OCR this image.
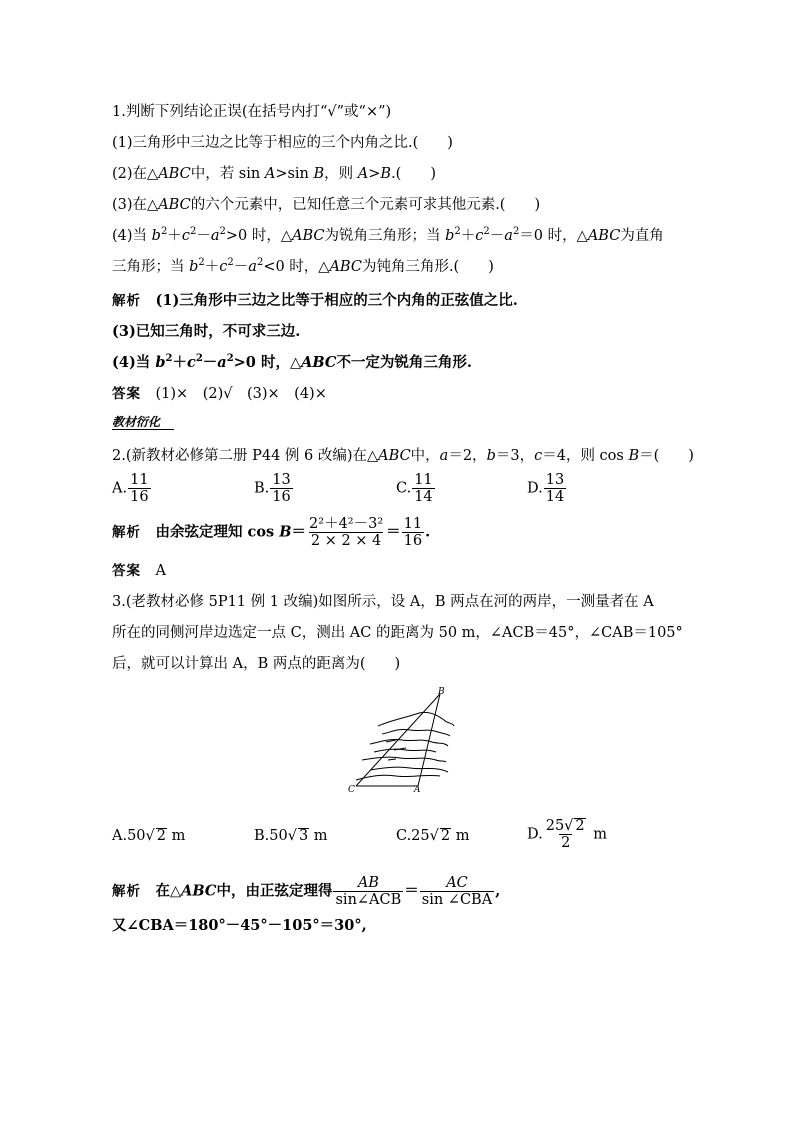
1.判断下列结论正误(在括号内打“√”或“×”)
(1)三角形中三边之比等于相应的三个内角之比.(　　)
(2)在△ABC中，若 sin A>sin B，则 A>B.(　　)
(3)在△ABC的六个元素中，已知任意三个元素可求其他元素.(　　)
(4)当 $b^2+c^2-a^2>0$ 时，△ABC为锐角三角形；当 $b^2+c^2-a^2=0$ 时，△ABC为直角
三角形；当 $b^2+c^2-a^2<0$ 时，△ABC为钝角三角形.(　　)
解析　 (1)三角形中三边之比等于相应的三个内角的正弦值之比.
(3)已知三角时，不可求三边.
(4)当 $b^2+c^2-a^2>0$ 时，△ABC不一定为锐角三角形.
答案　 (1)×　(2)√　(3)×　(4)×
教材衍化
2.(新教材必修第二册 P44 例 6 改编)在△ABC中，a＝2，b＝3，c＝4，则 cos B＝(　　)
A. $\frac{11}{16}$	B. $\frac{13}{16}$	C. $\frac{11}{14}$	D. $\frac{13}{14}$
解析　 由余弦定理知 $\cos B= \frac{\text{2²＋4²－3²}}{2 \times 2 \times 4} = \frac{11}{16}$ .
答案　 A
3.(老教材必修 5P11 例 1 改编)如图所示，设 A，B 两点在河的两岸，一测量者在 A
所在的同侧河岸边选定一点 C，测出 AC 的距离为 50 m，∠ACB＝45°，∠CAB＝105°
后，就可以计算出 A，B 两点的距离为(　　)
B
C	A
A.50√ 2 m	B.50√ 3 m	C.25√ 2 m	D. $\frac{25√ 2}{2}$ m
解析　 在△ABC中，由正弦定理得 $\frac{AB}{\text{sin∠ACB}} = \frac{AC}{\text{sin ∠CBA}}$ ,
又∠CBA＝180°－45°－105°＝30°,
